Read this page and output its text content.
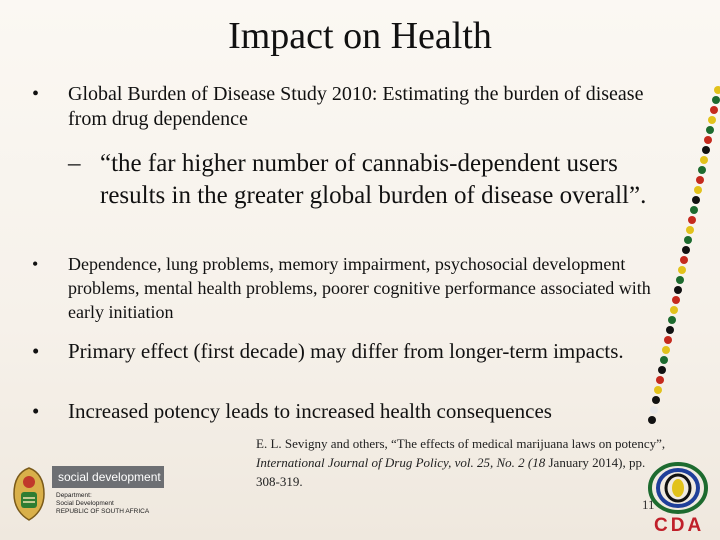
Impact on Health
• Global Burden of Disease Study 2010: Estimating the burden of disease from drug dependence
– “the far higher number of cannabis-dependent users results in the greater global burden of disease overall”.
• Dependence, lung problems, memory impairment, psychosocial development problems, mental health problems, poorer cognitive performance associated with early initiation
• Primary effect (first decade) may differ from longer-term impacts.
• Increased potency leads to increased health consequences
E. L. Sevigny and others, “The effects of medical marijuana laws on potency”, International Journal of Drug Policy, vol. 25, No. 2 (18 January 2014), pp. 308-319.
11
social development
Department:
Social Development
REPUBLIC OF SOUTH AFRICA
CDA
